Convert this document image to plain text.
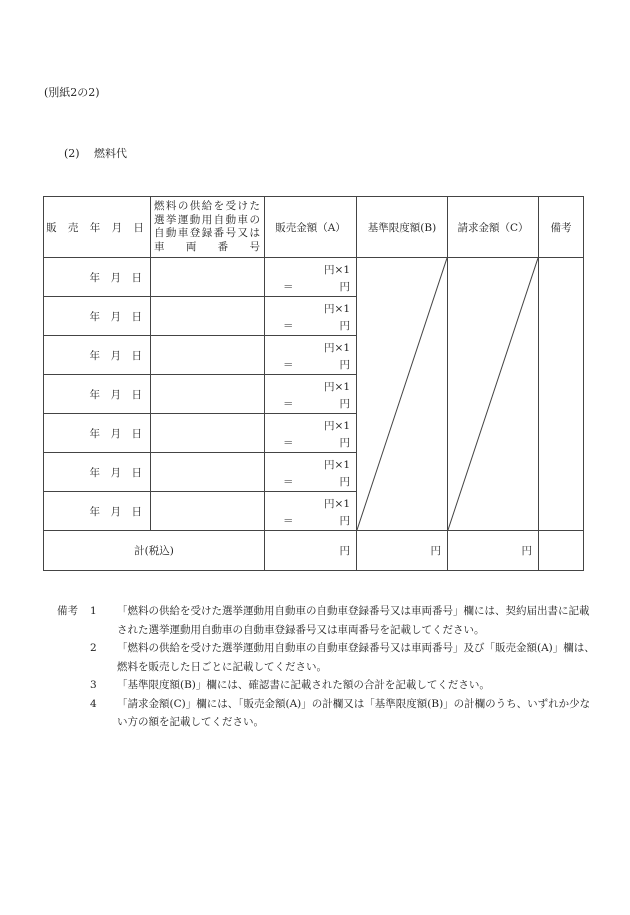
(別紙2の2)
(2) 燃料代
販 売 年 月 日	燃料の供給を受けた選挙運動用自動車の自動車登録番号又は車両番号	販売金額（A）	基準限度額(B)	請求金額（C）	備考
年　月　日		円×1
＝ 円

年　月　日		円×1
＝ 円			

年　月　日		円×1
＝ 円			

年　月　日		円×1
＝ 円			

年　月　日		円×1
＝ 円			

年　月　日		円×1
＝ 円			

年　月　日		円×1
＝ 円			

計(税込)		円	円	円	
備考 1 「燃料の供給を受けた選挙運動用自動車の自動車登録番号又は車両番号」欄には、契約届出書に記載された選挙運動用自動車の自動車登録番号又は車両番号を記載してください。
2 「燃料の供給を受けた選挙運動用自動車の自動車登録番号又は車両番号」及び「販売金額(A)」欄は、燃料を販売した日ごとに記載してください。
3 「基準限度額(B)」欄には、確認書に記載された額の合計を記載してください。
4 「請求金額(C)」欄には、「販売金額(A)」の計欄又は「基準限度額(B)」の計欄のうち、いずれか少ない方の額を記載してください。
